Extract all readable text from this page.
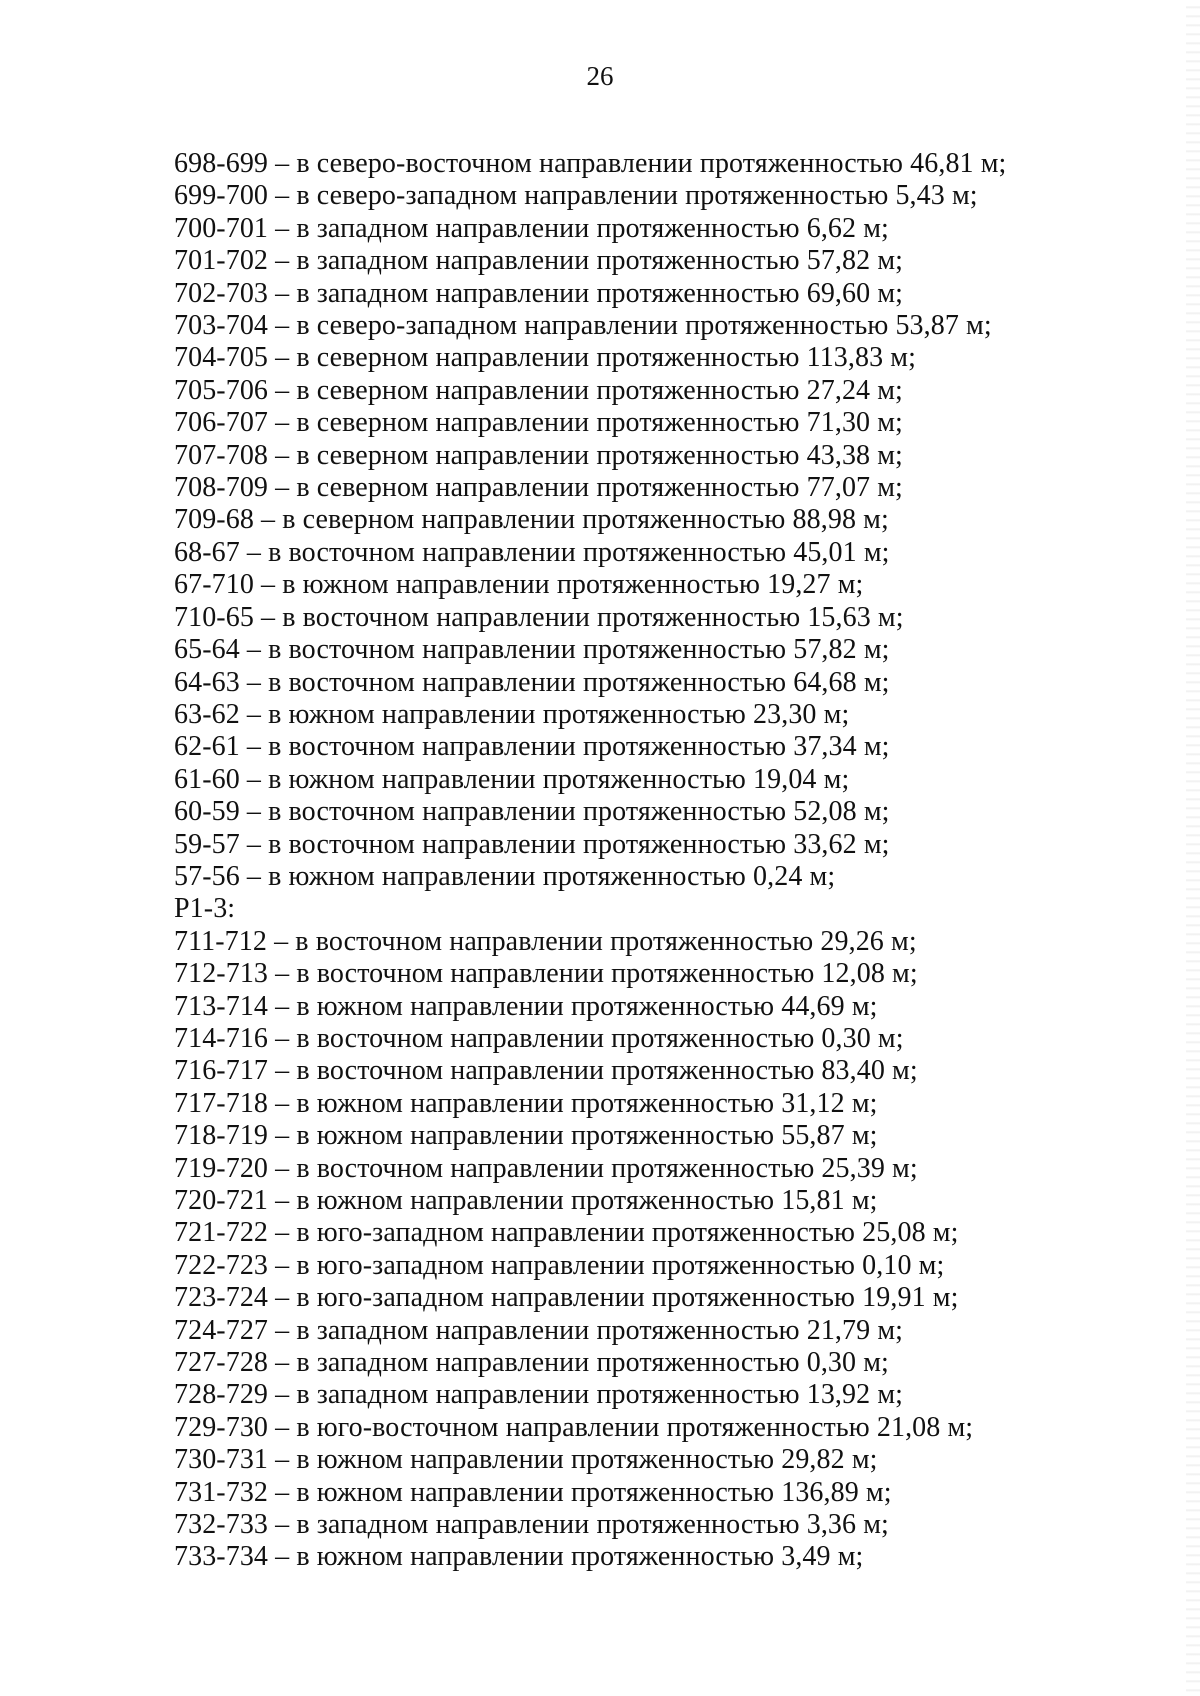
26
698-699 – в северо-восточном направлении протяженностью 46,81 м;
699-700 – в северо-западном направлении протяженностью 5,43 м;
700-701 – в западном направлении протяженностью 6,62 м;
701-702 – в западном направлении протяженностью 57,82 м;
702-703 – в западном направлении протяженностью 69,60 м;
703-704 – в северо-западном направлении протяженностью 53,87 м;
704-705 – в северном направлении протяженностью 113,83 м;
705-706 – в северном направлении протяженностью 27,24 м;
706-707 – в северном направлении протяженностью 71,30 м;
707-708 – в северном направлении протяженностью 43,38 м;
708-709 – в северном направлении протяженностью 77,07 м;
709-68 – в северном направлении протяженностью 88,98 м;
68-67 – в восточном направлении протяженностью 45,01 м;
67-710 – в южном направлении протяженностью 19,27 м;
710-65 – в восточном направлении протяженностью 15,63 м;
65-64 – в восточном направлении протяженностью 57,82 м;
64-63 – в восточном направлении протяженностью 64,68 м;
63-62 – в южном направлении протяженностью 23,30 м;
62-61 – в восточном направлении протяженностью 37,34 м;
61-60 – в южном направлении протяженностью 19,04 м;
60-59 – в восточном направлении протяженностью 52,08 м;
59-57 – в восточном направлении протяженностью 33,62 м;
57-56 – в южном направлении протяженностью 0,24 м;
Р1-3:
711-712 – в восточном направлении протяженностью 29,26 м;
712-713 – в восточном направлении протяженностью 12,08 м;
713-714 – в южном направлении протяженностью 44,69 м;
714-716 – в восточном направлении протяженностью 0,30 м;
716-717 – в восточном направлении протяженностью 83,40 м;
717-718 – в южном направлении протяженностью 31,12 м;
718-719 – в южном направлении протяженностью 55,87 м;
719-720 – в восточном направлении протяженностью 25,39 м;
720-721 – в южном направлении протяженностью 15,81 м;
721-722 – в юго-западном направлении протяженностью 25,08 м;
722-723 – в юго-западном направлении протяженностью 0,10 м;
723-724 – в юго-западном направлении протяженностью 19,91 м;
724-727 – в западном направлении протяженностью 21,79 м;
727-728 – в западном направлении протяженностью 0,30 м;
728-729 – в западном направлении протяженностью 13,92 м;
729-730 – в юго-восточном направлении протяженностью 21,08 м;
730-731 – в южном направлении протяженностью 29,82 м;
731-732 – в южном направлении протяженностью 136,89 м;
732-733 – в западном направлении протяженностью 3,36 м;
733-734 – в южном направлении протяженностью 3,49 м;
